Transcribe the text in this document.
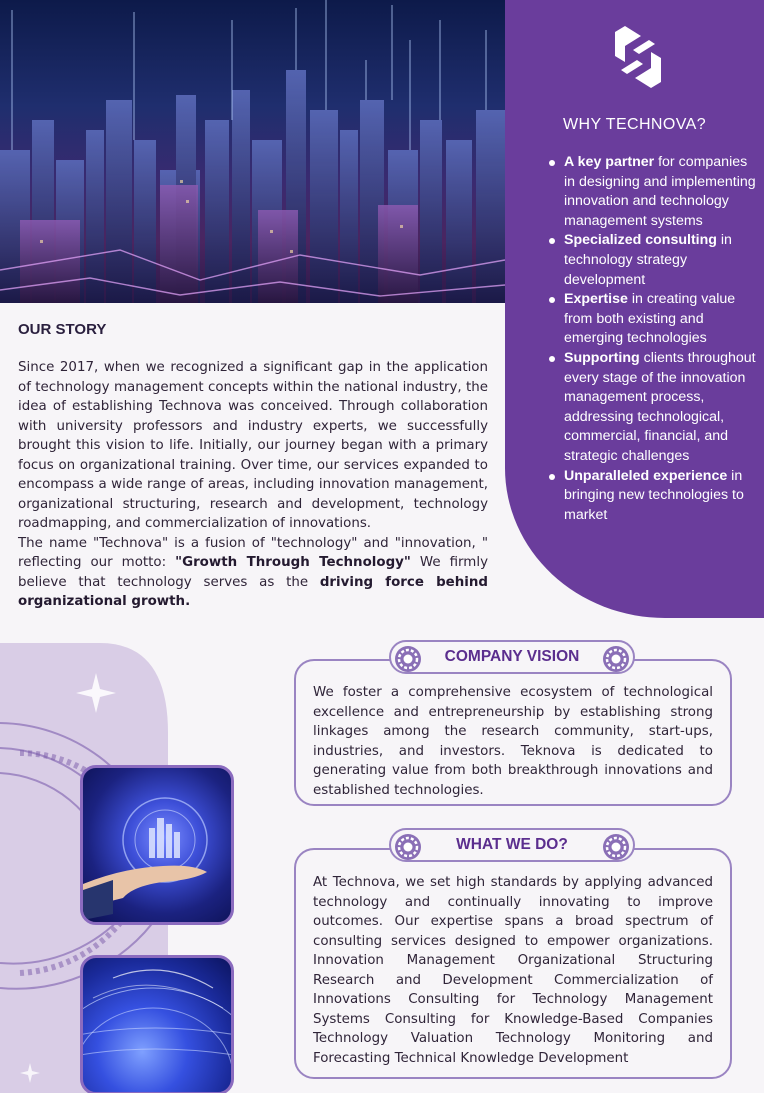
WHY TECHNOVA?
A key partner for companies in designing and implementing innovation and technology management systems
Specialized consulting in technology strategy development
Expertise in creating value from both existing and emerging technologies
Supporting clients throughout every stage of the innovation management process, addressing technological, commercial, financial, and strategic challenges
Unparalleled experience in bringing new technologies to market
OUR STORY

Since 2017, when we recognized a significant gap in the application of technology management concepts within the national industry, the idea of establishing Technova was conceived. Through collaboration with university professors and industry experts, we successfully brought this vision to life. Initially, our journey began with a primary focus on organizational training. Over time, our services expanded to encompass a wide range of areas, including innovation management, organizational structuring, research and development, technology roadmapping, and commercialization of innovations.

The name "Technova" is a fusion of "technology" and "innovation, " reflecting our motto: "Growth Through Technology" We firmly believe that technology serves as the driving force behind organizational growth.

We foster a comprehensive ecosystem of technological excellence and entrepreneurship by establishing strong linkages among the research community, start-ups, industries, and investors. Teknova is dedicated to generating value from both breakthrough innovations and established technologies.
COMPANY VISION
At Technova, we set high standards by applying advanced technology and continually innovating to improve outcomes. Our expertise spans a broad spectrum of consulting services designed to empower organizations. Innovation Management Organizational Structuring Research and Development Commercialization of Innovations Consulting for Technology Management Systems Consulting for Knowledge-Based Companies Technology Valuation Technology Monitoring and Forecasting Technical Knowledge Development
WHAT WE DO?
